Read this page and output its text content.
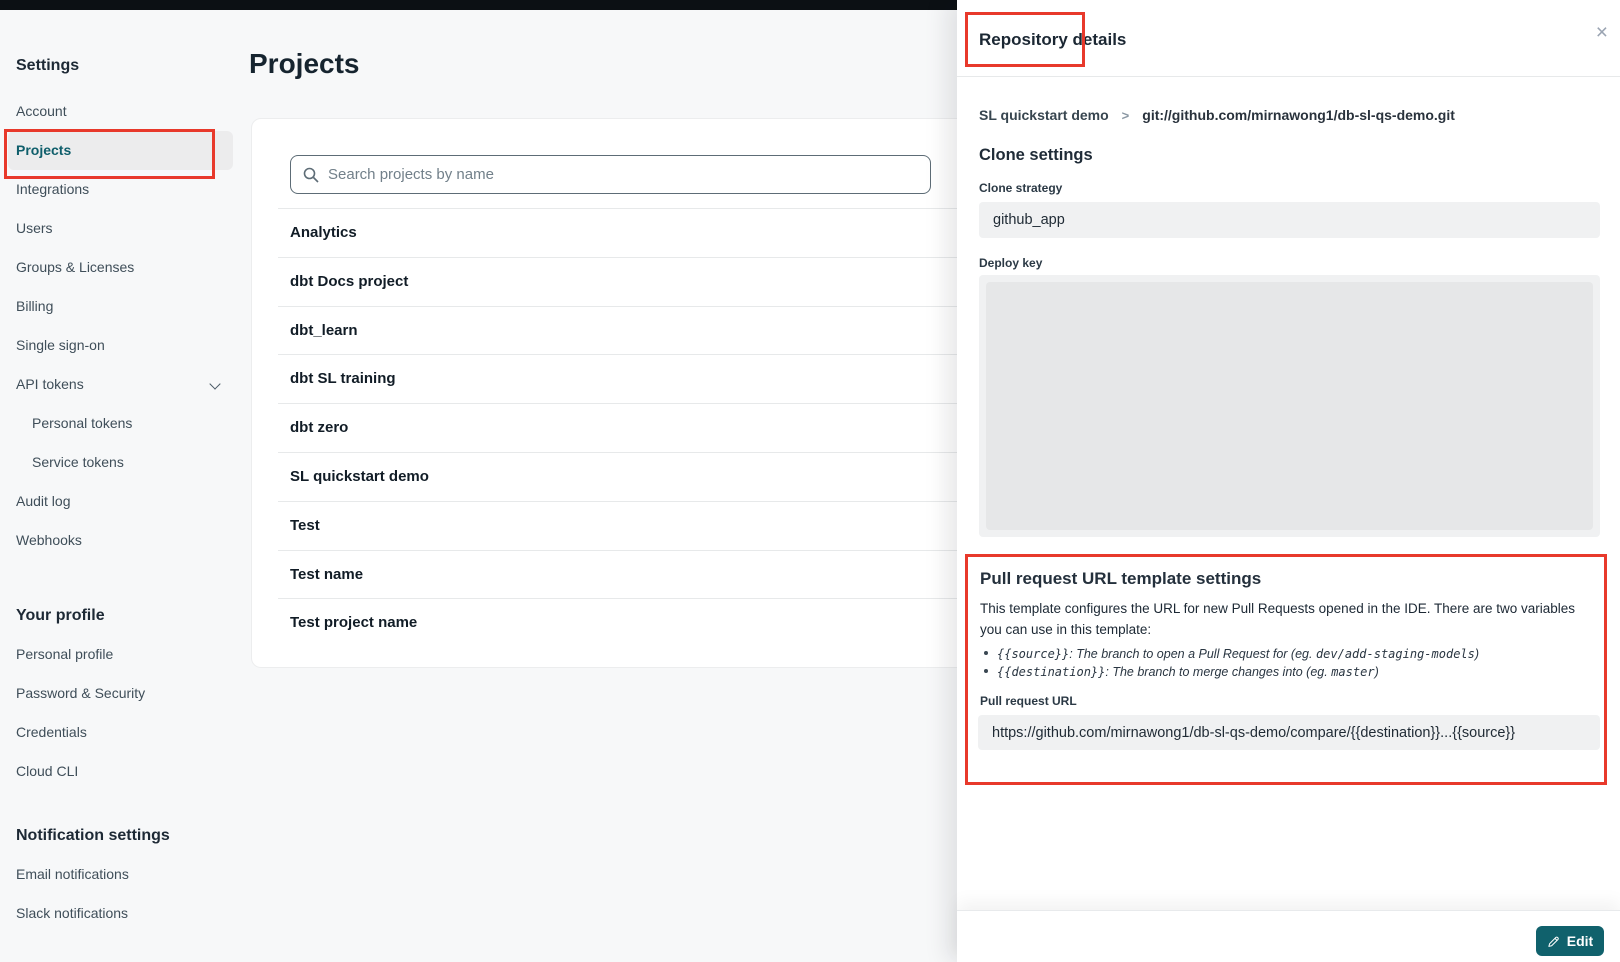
Settings
Account
Projects
Integrations
Users
Groups & Licenses
Billing
Single sign-on
API tokens
Personal tokens
Service tokens
Audit log
Webhooks
Your profile
Personal profile
Password & Security
Credentials
Cloud CLI
Notification settings
Email notifications
Slack notifications
Projects
Search projects by name
Analytics
dbt Docs project
dbt_learn
dbt SL training
dbt zero
SL quickstart demo
Test
Test name
Test project name
Repository details	×
SL quickstart demo > git://github.com/mirnawong1/db-sl-qs-demo.git
Clone settings
Clone strategy
github_app
Deploy key
Pull request URL template settings

This template configures the URL for new Pull Requests opened in the IDE. There are two variables you can use in this template:

{{source}}: The branch to open a Pull Request for (eg. dev/add-staging-models)
{{destination}}: The branch to merge changes into (eg. master)
Pull request URL
https://github.com/mirnawong1/db-sl-qs-demo/compare/{{destination}}...{{source}}
Edit
